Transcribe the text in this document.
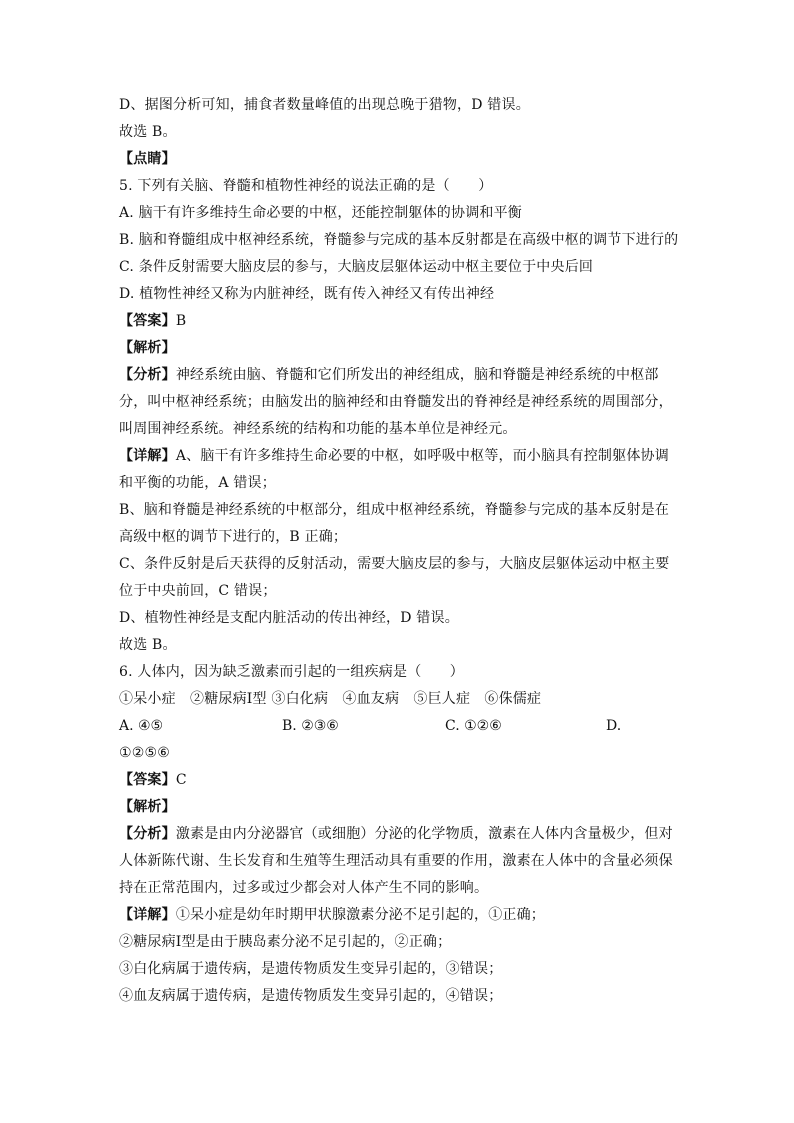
D、据图分析可知，捕食者数量峰值的出现总晚于猎物，D 错误。
故选 B。
【点睛】
5. 下列有关脑、脊髓和植物性神经的说法正确的是（　　）
A. 脑干有许多维持生命必要的中枢，还能控制躯体的协调和平衡
B. 脑和脊髓组成中枢神经系统，脊髓参与完成的基本反射都是在高级中枢的调节下进行的
C. 条件反射需要大脑皮层的参与，大脑皮层躯体运动中枢主要位于中央后回
D. 植物性神经又称为内脏神经，既有传入神经又有传出神经
【答案】B
【解析】
【分析】神经系统由脑、脊髓和它们所发出的神经组成，脑和脊髓是神经系统的中枢部
分，叫中枢神经系统；由脑发出的脑神经和由脊髓发出的脊神经是神经系统的周围部分，
叫周围神经系统。神经系统的结构和功能的基本单位是神经元。
【详解】A、脑干有许多维持生命必要的中枢，如呼吸中枢等，而小脑具有控制躯体协调
和平衡的功能，A 错误；
B、脑和脊髓是神经系统的中枢部分，组成中枢神经系统，脊髓参与完成的基本反射是在
高级中枢的调节下进行的，B 正确；
C、条件反射是后天获得的反射活动，需要大脑皮层的参与，大脑皮层躯体运动中枢主要
位于中央前回，C 错误；
D、植物性神经是支配内脏活动的传出神经，D 错误。
故选 B。
6. 人体内，因为缺乏激素而引起的一组疾病是（　　）
①呆小症　②糖尿病Ⅰ型 ③白化病　④血友病　⑤巨人症　⑥侏儒症
A. ④⑤	B. ②③⑥	C. ①②⑥	D.
①②⑤⑥
【答案】C
【解析】
【分析】激素是由内分泌器官（或细胞）分泌的化学物质，激素在人体内含量极少，但对
人体新陈代谢、生长发育和生殖等生理活动具有重要的作用，激素在人体中的含量必须保
持在正常范围内，过多或过少都会对人体产生不同的影响。
【详解】①呆小症是幼年时期甲状腺激素分泌不足引起的，①正确；
②糖尿病Ⅰ型是由于胰岛素分泌不足引起的，②正确；
③白化病属于遗传病，是遗传物质发生变异引起的，③错误；
④血友病属于遗传病，是遗传物质发生变异引起的，④错误；
